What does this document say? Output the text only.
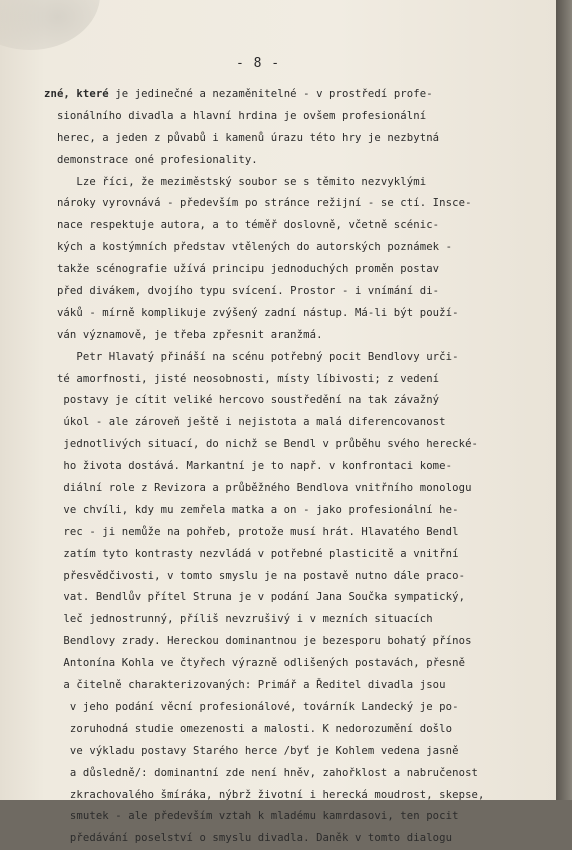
- 8 -
zné, které je jedinečné a nezaměnitelné - v prostředí profe-
sionálního divadla a hlavní hrdina je ovšem profesionální
herec, a jeden z půvabů i kamenů úrazu této hry je nezbytná
demonstrace oné profesionality.
Lze říci, že meziměstský soubor se s těmito nezvyklými
nároky vyrovnává - především po stránce režijní - se ctí. Insce-
nace respektuje autora, a to téměř doslovně, včetně scénic-
kých a kostýmních představ vtělených do autorských poznámek -
takže scénografie užívá principu jednoduchých proměn postav
před divákem, dvojího typu svícení. Prostor - i vnímání di-
váků - mírně komplikuje zvýšený zadní nástup. Má-li být použí-
ván významově, je třeba zpřesnit aranžmá.
Petr Hlavatý přináší na scénu potřebný pocit Bendlovy urči-
té amorfnosti, jisté neosobnosti, místy líbivosti; z vedení
postavy je cítit veliké hercovo soustředění na tak závažný
úkol - ale zároveň ještě i nejistota a malá diferencovanost
jednotlivých situací, do nichž se Bendl v průběhu svého herecké-
ho života dostává. Markantní je to např. v konfrontaci kome-
diální role z Revizora a průběžného Bendlova vnitřního monologu
ve chvíli, kdy mu zemřela matka a on - jako profesionální he-
rec - ji nemůže na pohřeb, protože musí hrát. Hlavatého Bendl
zatím tyto kontrasty nezvládá v potřebné plasticitě a vnitřní
přesvědčivosti, v tomto smyslu je na postavě nutno dále praco-
vat. Bendlův přítel Struna je v podání Jana Součka sympatický,
leč jednostrunný, příliš nevzrušivý i v mezních situacích
Bendlovy zrady. Hereckou dominantnou je bezesporu bohatý přínos
Antonína Kohla ve čtyřech výrazně odlišených postavách, přesně
a čitelně charakterizovaných: Primář a Ředitel divadla jsou
v jeho podání věcní profesionálové, továrník Landecký je po-
zoruhodná studie omezenosti a malosti. K nedorozumění došlo
ve výkladu postavy Starého herce /byť je Kohlem vedena jasně
a důsledně/: dominantní zde není hněv, zahořklost a nabručenost
zkrachovalého šmíráka, nýbrž životní i herecká moudrost, skepse,
smutek - ale především vztah k mladému kamrdasovi, ten pocit
předávání poselství o smyslu divadla. Daněk v tomto dialogu
